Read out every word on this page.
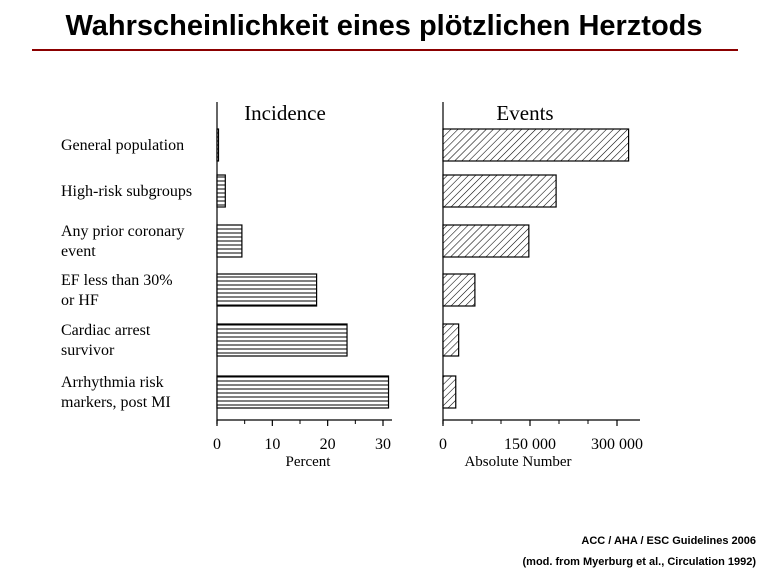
Wahrscheinlichkeit eines plötzlichen Herztods
General population
High-risk subgroups
Any prior coronary
event
EF less than 30%
or HF
Cardiac arrest
survivor
Arrhythmia risk
markers, post MI
Incidence
0	10 20 30
Percent
Events
0	150 000 300 000
Absolute Number
ACC / AHA / ESC Guidelines 2006
(mod. from Myerburg et al., Circulation 1992)
